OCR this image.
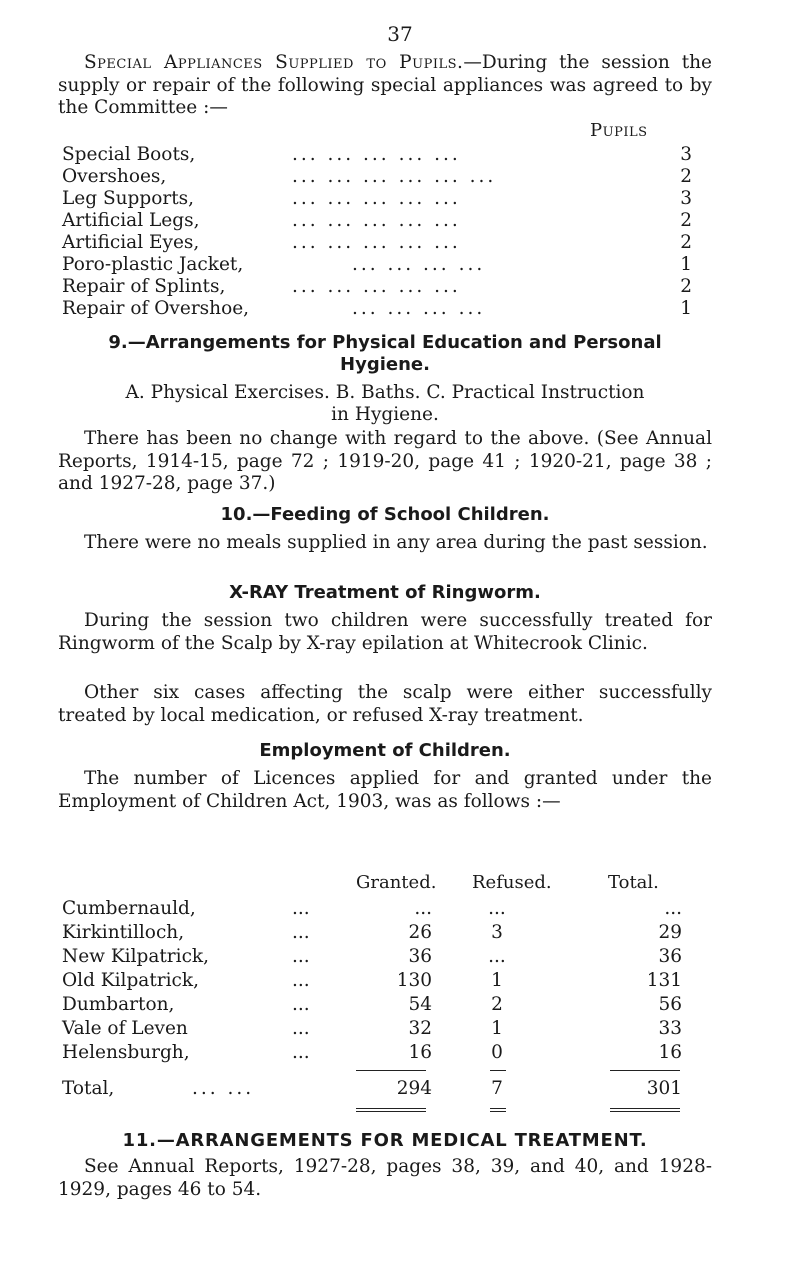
37
Special Appliances Supplied to Pupils.—During the session the supply or repair of the following special appliances was agreed to by the Committee :—
Pupils
Special Boots,	... ... ... ... ...	3
Overshoes,	... ... ... ... ... ...	2
Leg Supports,	... ... ... ... ...	3
Artificial Legs,	... ... ... ... ...	2
Artificial Eyes,	... ... ... ... ...	2
Poro-plastic Jacket,	... ... ... ...	1
Repair of Splints,	... ... ... ... ...	2
Repair of Overshoe,	... ... ... ...	1
9.—Arrangements for Physical Education and Personal
Hygiene.
A. Physical Exercises. B. Baths. C. Practical Instruction
in Hygiene.
There has been no change with regard to the above. (See Annual Reports, 1914-15, page 72 ; 1919-20, page 41 ; 1920-21, page 38 ; and 1927-28, page 37.)
10.—Feeding of School Children.
There were no meals supplied in any area during the past session.
X-RAY Treatment of Ringworm.
During the session two children were successfully treated for Ringworm of the Scalp by X-ray epilation at Whitecrook Clinic.
Other six cases affecting the scalp were either successfully treated by local medication, or refused X-ray treatment.
Employment of Children.
The number of Licences applied for and granted under the Employment of Children Act, 1903, was as follows :—
Granted. Refused.	Total.
Cumbernauld,	...	...	...	...
Kirkintilloch,	...	26	3	29
New Kilpatrick,	...	36	...	36
Old Kilpatrick,	...	130	1	131
Dumbarton,	...	54	2	56
Vale of Leven	...	32	1	33
Helensburgh,	...	16	0	16
Total,	... ...	294	7	301
11.—ARRANGEMENTS FOR MEDICAL TREATMENT.
See Annual Reports, 1927-28, pages 38, 39, and 40, and 1928-1929, pages 46 to 54.
